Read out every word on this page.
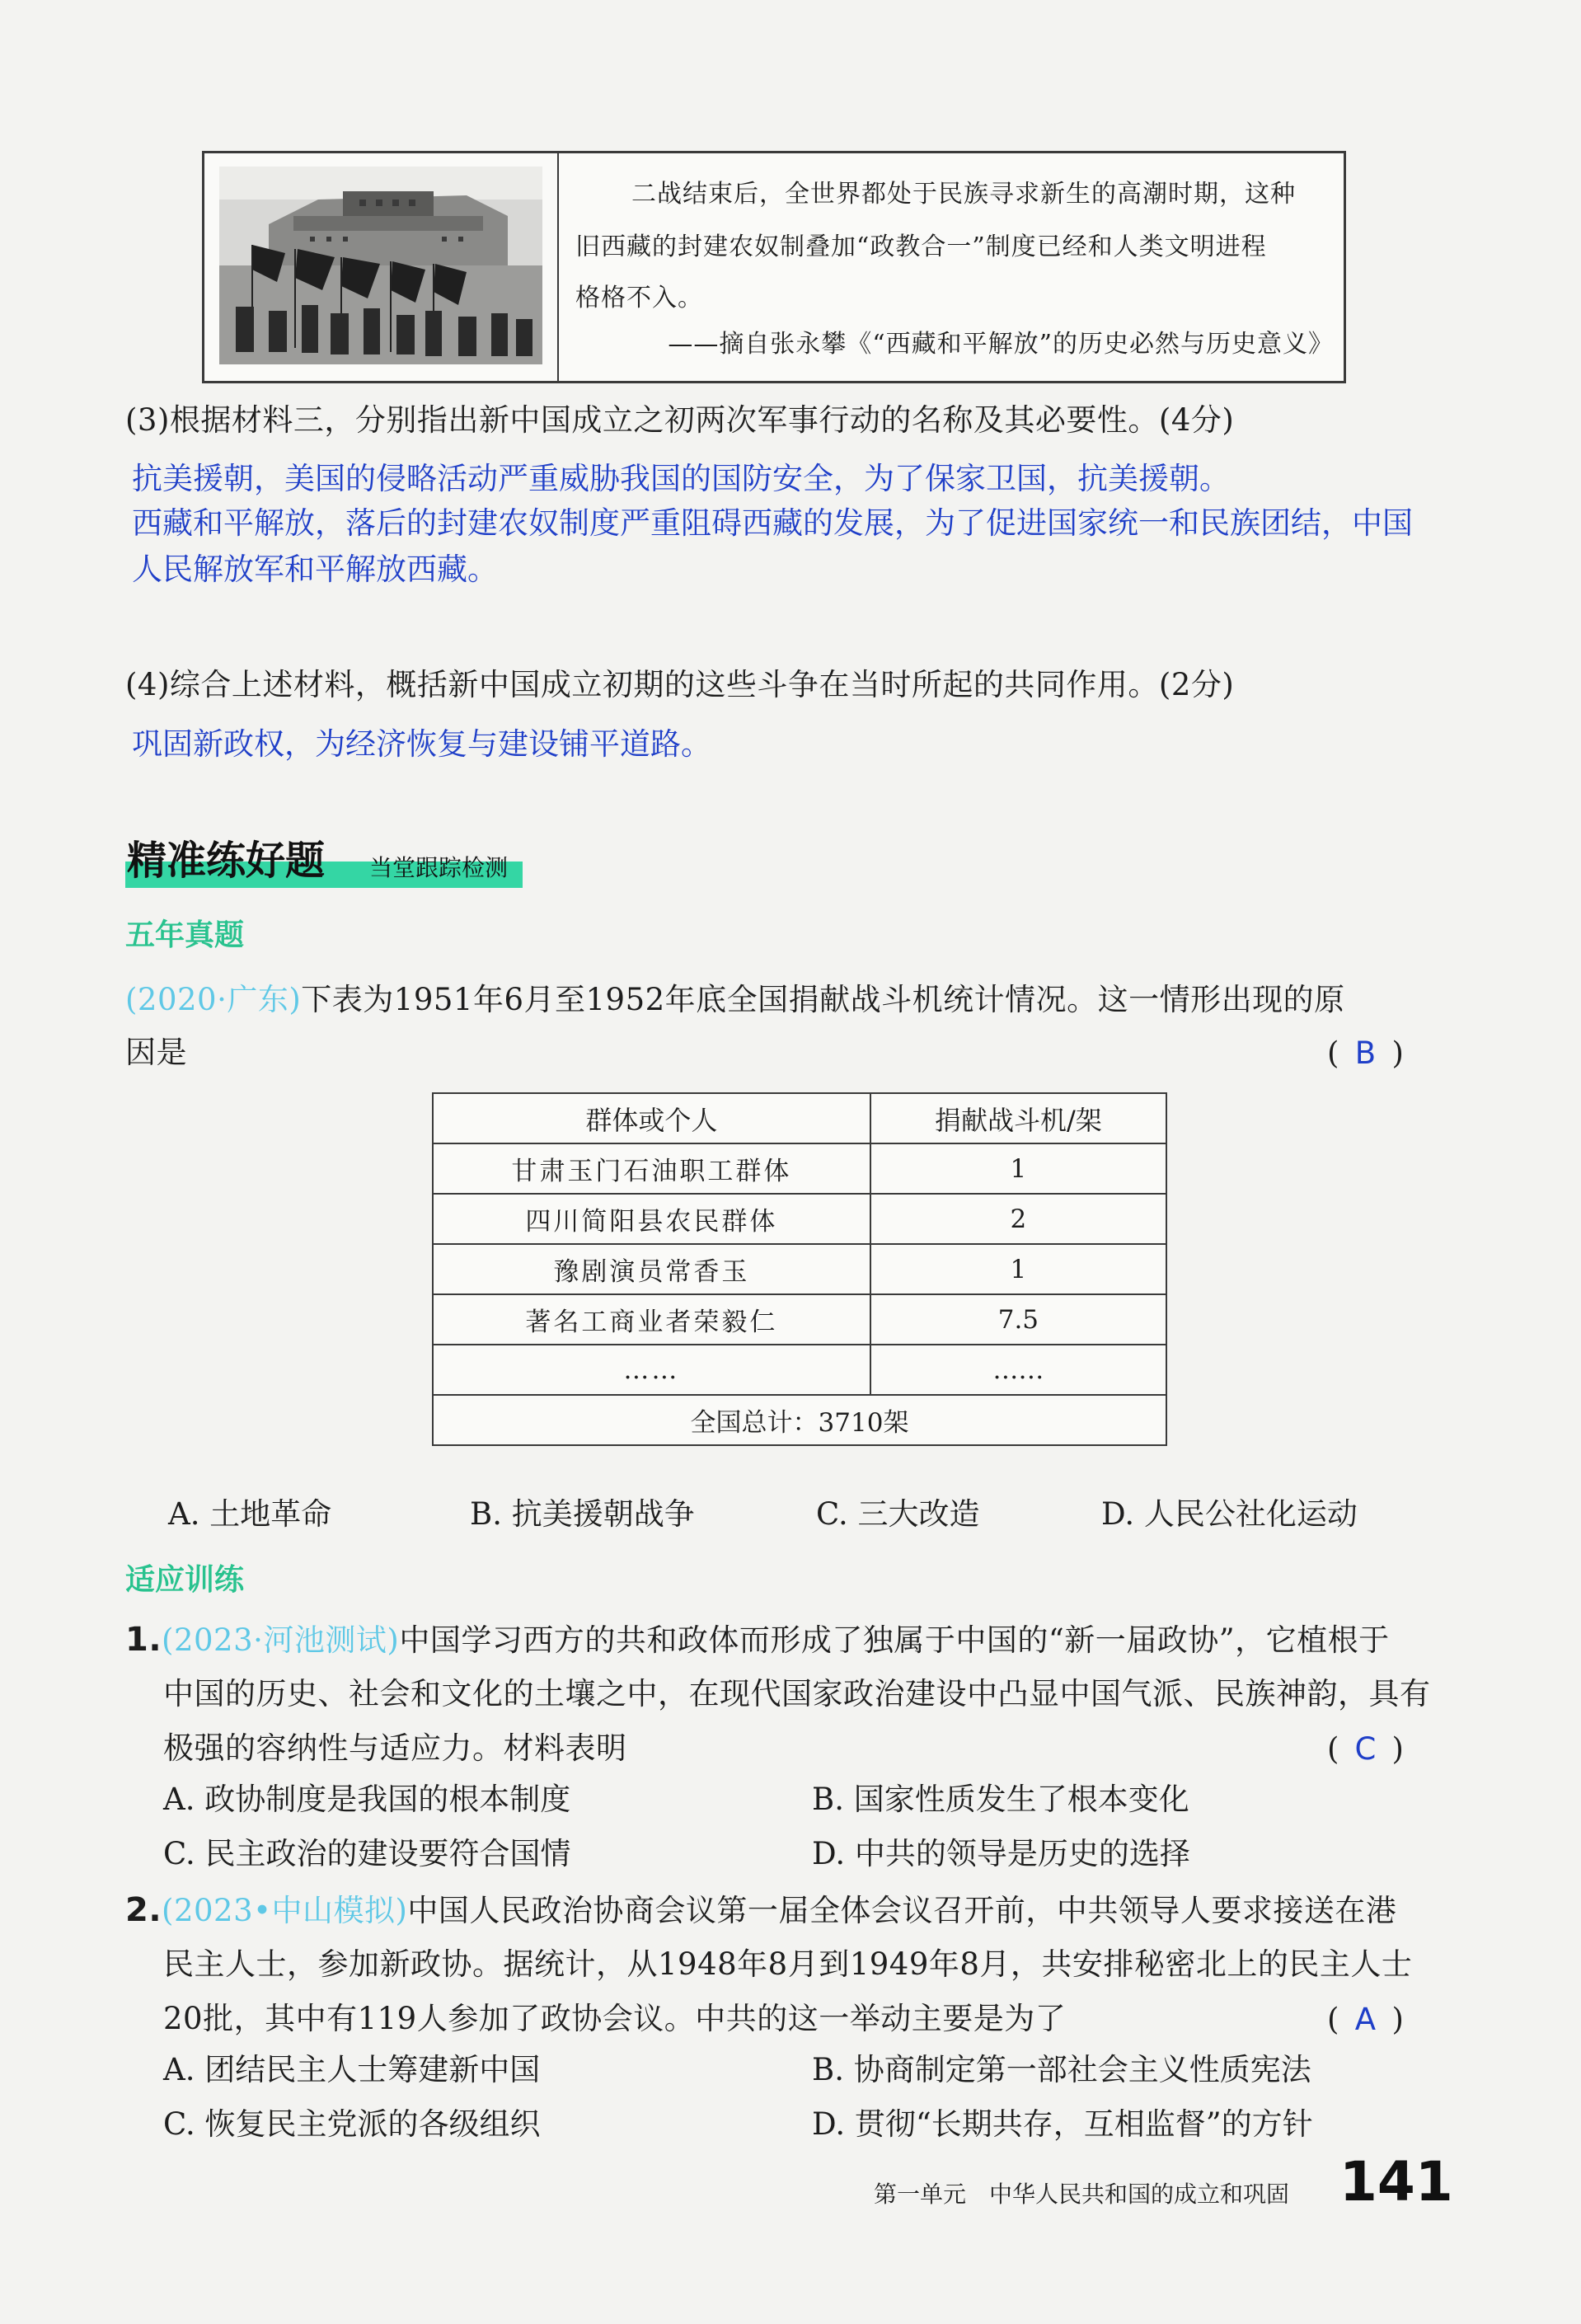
二战结束后，全世界都处于民族寻求新生的高潮时期，这种

旧西藏的封建农奴制叠加“政教合一”制度已经和人类文明进程

格格不入。

——摘自张永攀《“西藏和平解放”的历史必然与历史意义》
(3)根据材料三，分别指出新中国成立之初两次军事行动的名称及其必要性。(4分)
抗美援朝，美国的侵略活动严重威胁我国的国防安全，为了保家卫国，抗美援朝。
西藏和平解放，落后的封建农奴制度严重阻碍西藏的发展，为了促进国家统一和民族团结，中国
人民解放军和平解放西藏。
(4)综合上述材料，概括新中国成立初期的这些斗争在当时所起的共同作用。(2分)
巩固新政权，为经济恢复与建设铺平道路。
精准练好题 当堂跟踪检测
五年真题
(2020·广东)下表为1951年6月至1952年底全国捐献战斗机统计情况。这一情形出现的原
因是	( B )
群体或个人	捐献战斗机/架
甘肃玉门石油职工群体	1
四川简阳县农民群体	2
豫剧演员常香玉	1
著名工商业者荣毅仁	7.5
……	……
全国总计：3710架	
A. 土地革命	B. 抗美援朝战争	C. 三大改造	D. 人民公社化运动
适应训练
1.(2023·河池测试)中国学习西方的共和政体而形成了独属于中国的“新一届政协”，它植根于
中国的历史、社会和文化的土壤之中，在现代国家政治建设中凸显中国气派、民族神韵，具有
极强的容纳性与适应力。材料表明	( C )
A. 政协制度是我国的根本制度	B. 国家性质发生了根本变化
C. 民主政治的建设要符合国情	D. 中共的领导是历史的选择
2.(2023•中山模拟)中国人民政治协商会议第一届全体会议召开前，中共领导人要求接送在港
民主人士，参加新政协。据统计，从1948年8月到1949年8月，共安排秘密北上的民主人士
20批，其中有119人参加了政协会议。中共的这一举动主要是为了	( A )
A. 团结民主人士筹建新中国	B. 协商制定第一部社会主义性质宪法
C. 恢复民主党派的各级组织	D. 贯彻“长期共存，互相监督”的方针
第一单元　中华人民共和国的成立和巩固 141
